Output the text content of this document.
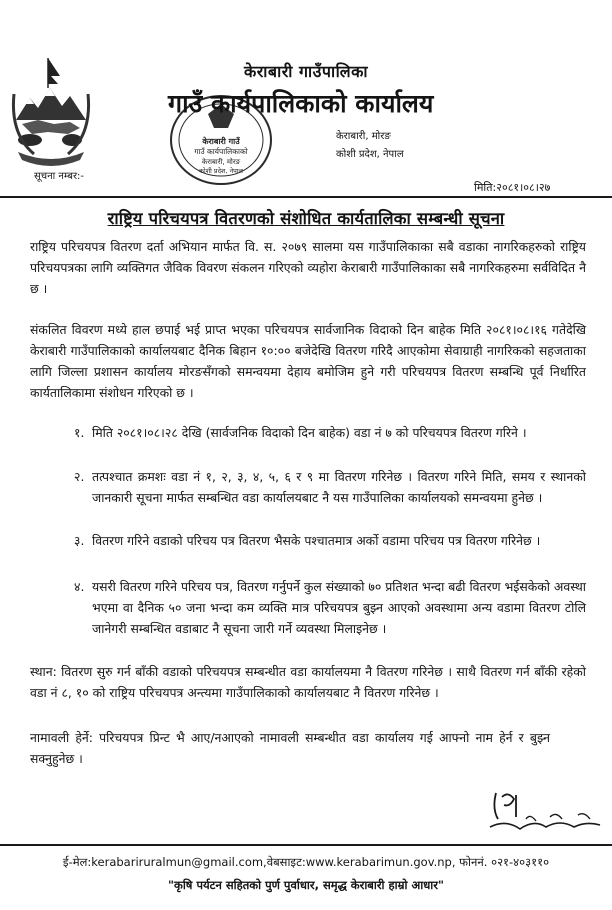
केराबारी गाउँ
गाउँ कार्यपालिकाको
केराबारी, मोरङ
कोशी प्रदेश, नेपाल
केराबारी गाउँपालिका
गाउँ कार्यपालिकाको कार्यालय
केराबारी, मोरङ
कोशी प्रदेश, नेपाल
सूचना नम्बर:-
मिति:२०८१।०८।२७
राष्ट्रिय परिचयपत्र वितरणको संशोधित कार्यतालिका सम्बन्धी सूचना
राष्ट्रिय परिचयपत्र वितरण दर्ता अभियान मार्फत वि. स. २०७९ सालमा यस गाउँपालिकाका सबै वडाका नागरिकहरुको राष्ट्रिय परिचयपत्रका लागि व्यक्तिगत जैविक विवरण संकलन गरिएको व्यहोरा केराबारी गाउँपालिकाका सबै नागरिकहरुमा सर्वविदित नै छ ।
संकलित विवरण मध्ये हाल छपाई भई प्राप्त भएका परिचयपत्र सार्वजानिक विदाको दिन बाहेक मिति २०८१।०८।१६ गतेदेखि केराबारी गाउँपालिकाको कार्यालयबाट दैनिक बिहान १०:०० बजेदेखि वितरण गरिदै आएकोमा सेवाग्राही नागरिकको सहजताका लागि जिल्ला प्रशासन कार्यालय मोरङसँगको समन्वयमा देहाय बमोजिम हुने गरी परिचयपत्र वितरण सम्बन्धि पूर्व निर्धारित कार्यतालिकामा संशोधन गरिएको छ ।
१. मिति २०८१।०८।२८ देखि (सार्वजनिक विदाको दिन बाहेक) वडा नं ७ को परिचयपत्र वितरण गरिने ।
२. तत्पश्चात क्रमशः वडा नं १, २, ३, ४, ५, ६ र ९ मा वितरण गरिनेछ । वितरण गरिने मिति, समय र स्थानको जानकारी सूचना मार्फत सम्बन्धित वडा कार्यालयबाट नै यस गाउँपालिका कार्यालयको समन्वयमा हुनेछ ।
३. वितरण गरिने वडाको परिचय पत्र वितरण भैसके पश्चातमात्र अर्को वडामा परिचय पत्र वितरण गरिनेछ ।
४. यसरी वितरण गरिने परिचय पत्र, वितरण गर्नुपर्ने कुल संख्याको ७० प्रतिशत भन्दा बढी वितरण भईसकेको अवस्था भएमा वा दैनिक ५० जना भन्दा कम व्यक्ति मात्र परिचयपत्र बुझ्न आएको अवस्थामा अन्य वडामा वितरण टोलि जानेगरी सम्बन्धित वडाबाट नै सूचना जारी गर्ने व्यवस्था मिलाइनेछ ।
स्थान: वितरण सुरु गर्न बाँकी वडाको परिचयपत्र सम्बन्धीत वडा कार्यालयमा नै वितरण गरिनेछ । साथै वितरण गर्न बाँकी रहेको वडा नं ८, १० को राष्ट्रिय परिचयपत्र अन्त्यमा गाउँपालिकाको कार्यालयबाट नै वितरण गरिनेछ ।
नामावली हेर्ने: परिचयपत्र प्रिन्ट भै आए/नआएको नामावली सम्बन्धीत वडा कार्यालय गई आफ्नो नाम हेर्न र बुझ्न सक्नुहुनेछ ।
ई-मेल:kerabariruralmun@gmail.com,वेबसाइट:www.kerabarimun.gov.np, फोननं. ०२१-४०३११०
"कृषि पर्यटन सहितको पुर्ण पुर्वाधार, समृद्ध केराबारी हाम्रो आधार"
